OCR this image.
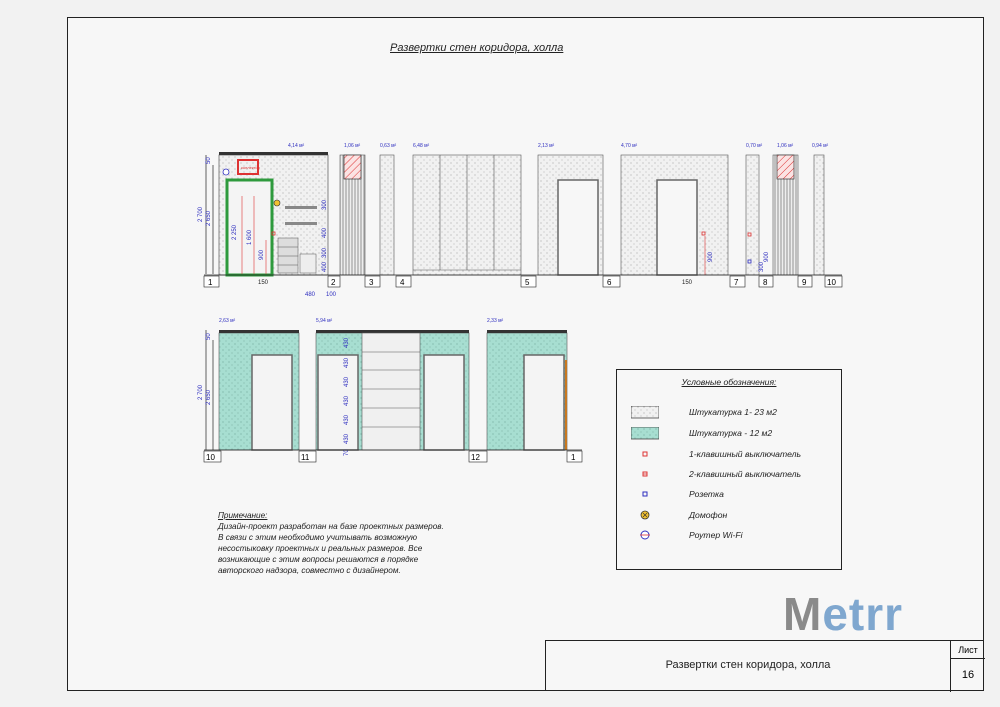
Развертки стен коридора, холла
2 700 2 650
50
коллектор
2 250 1 600
900
150
400
300
300
400
480 100
4,14 м²	1,06 м²	0,63 м²	6,48 м²	2,13 м²
900
150
4,70 м²	0,70 м²
900
300
1,06 м²	0,94 м²
1	2	3	4	5	6	7	8	9	10
2 700 2 650
50
2,63 м²
430
430
430
430
430
430
70
5,94 м²	2,33 м²
10	11	12	1
Примечание:
Дизайн-проект разработан на базе проектных размеров.
В связи с этим необходимо учитывать возможную
несостыковку проектных и реальных размеров. Все
возникающие с этим вопросы решаются в порядке
авторского надзора, совместно с дизайнером.
Условные обозначения:
Штукатурка 1- 23 м2
Штукатурка - 12 м2
1-клавишный выключатель
2-клавишный выключатель
Розетка
Домофон
Роутер Wi-Fi
Metrr
Развертки стен коридора, холла
Лист
16
